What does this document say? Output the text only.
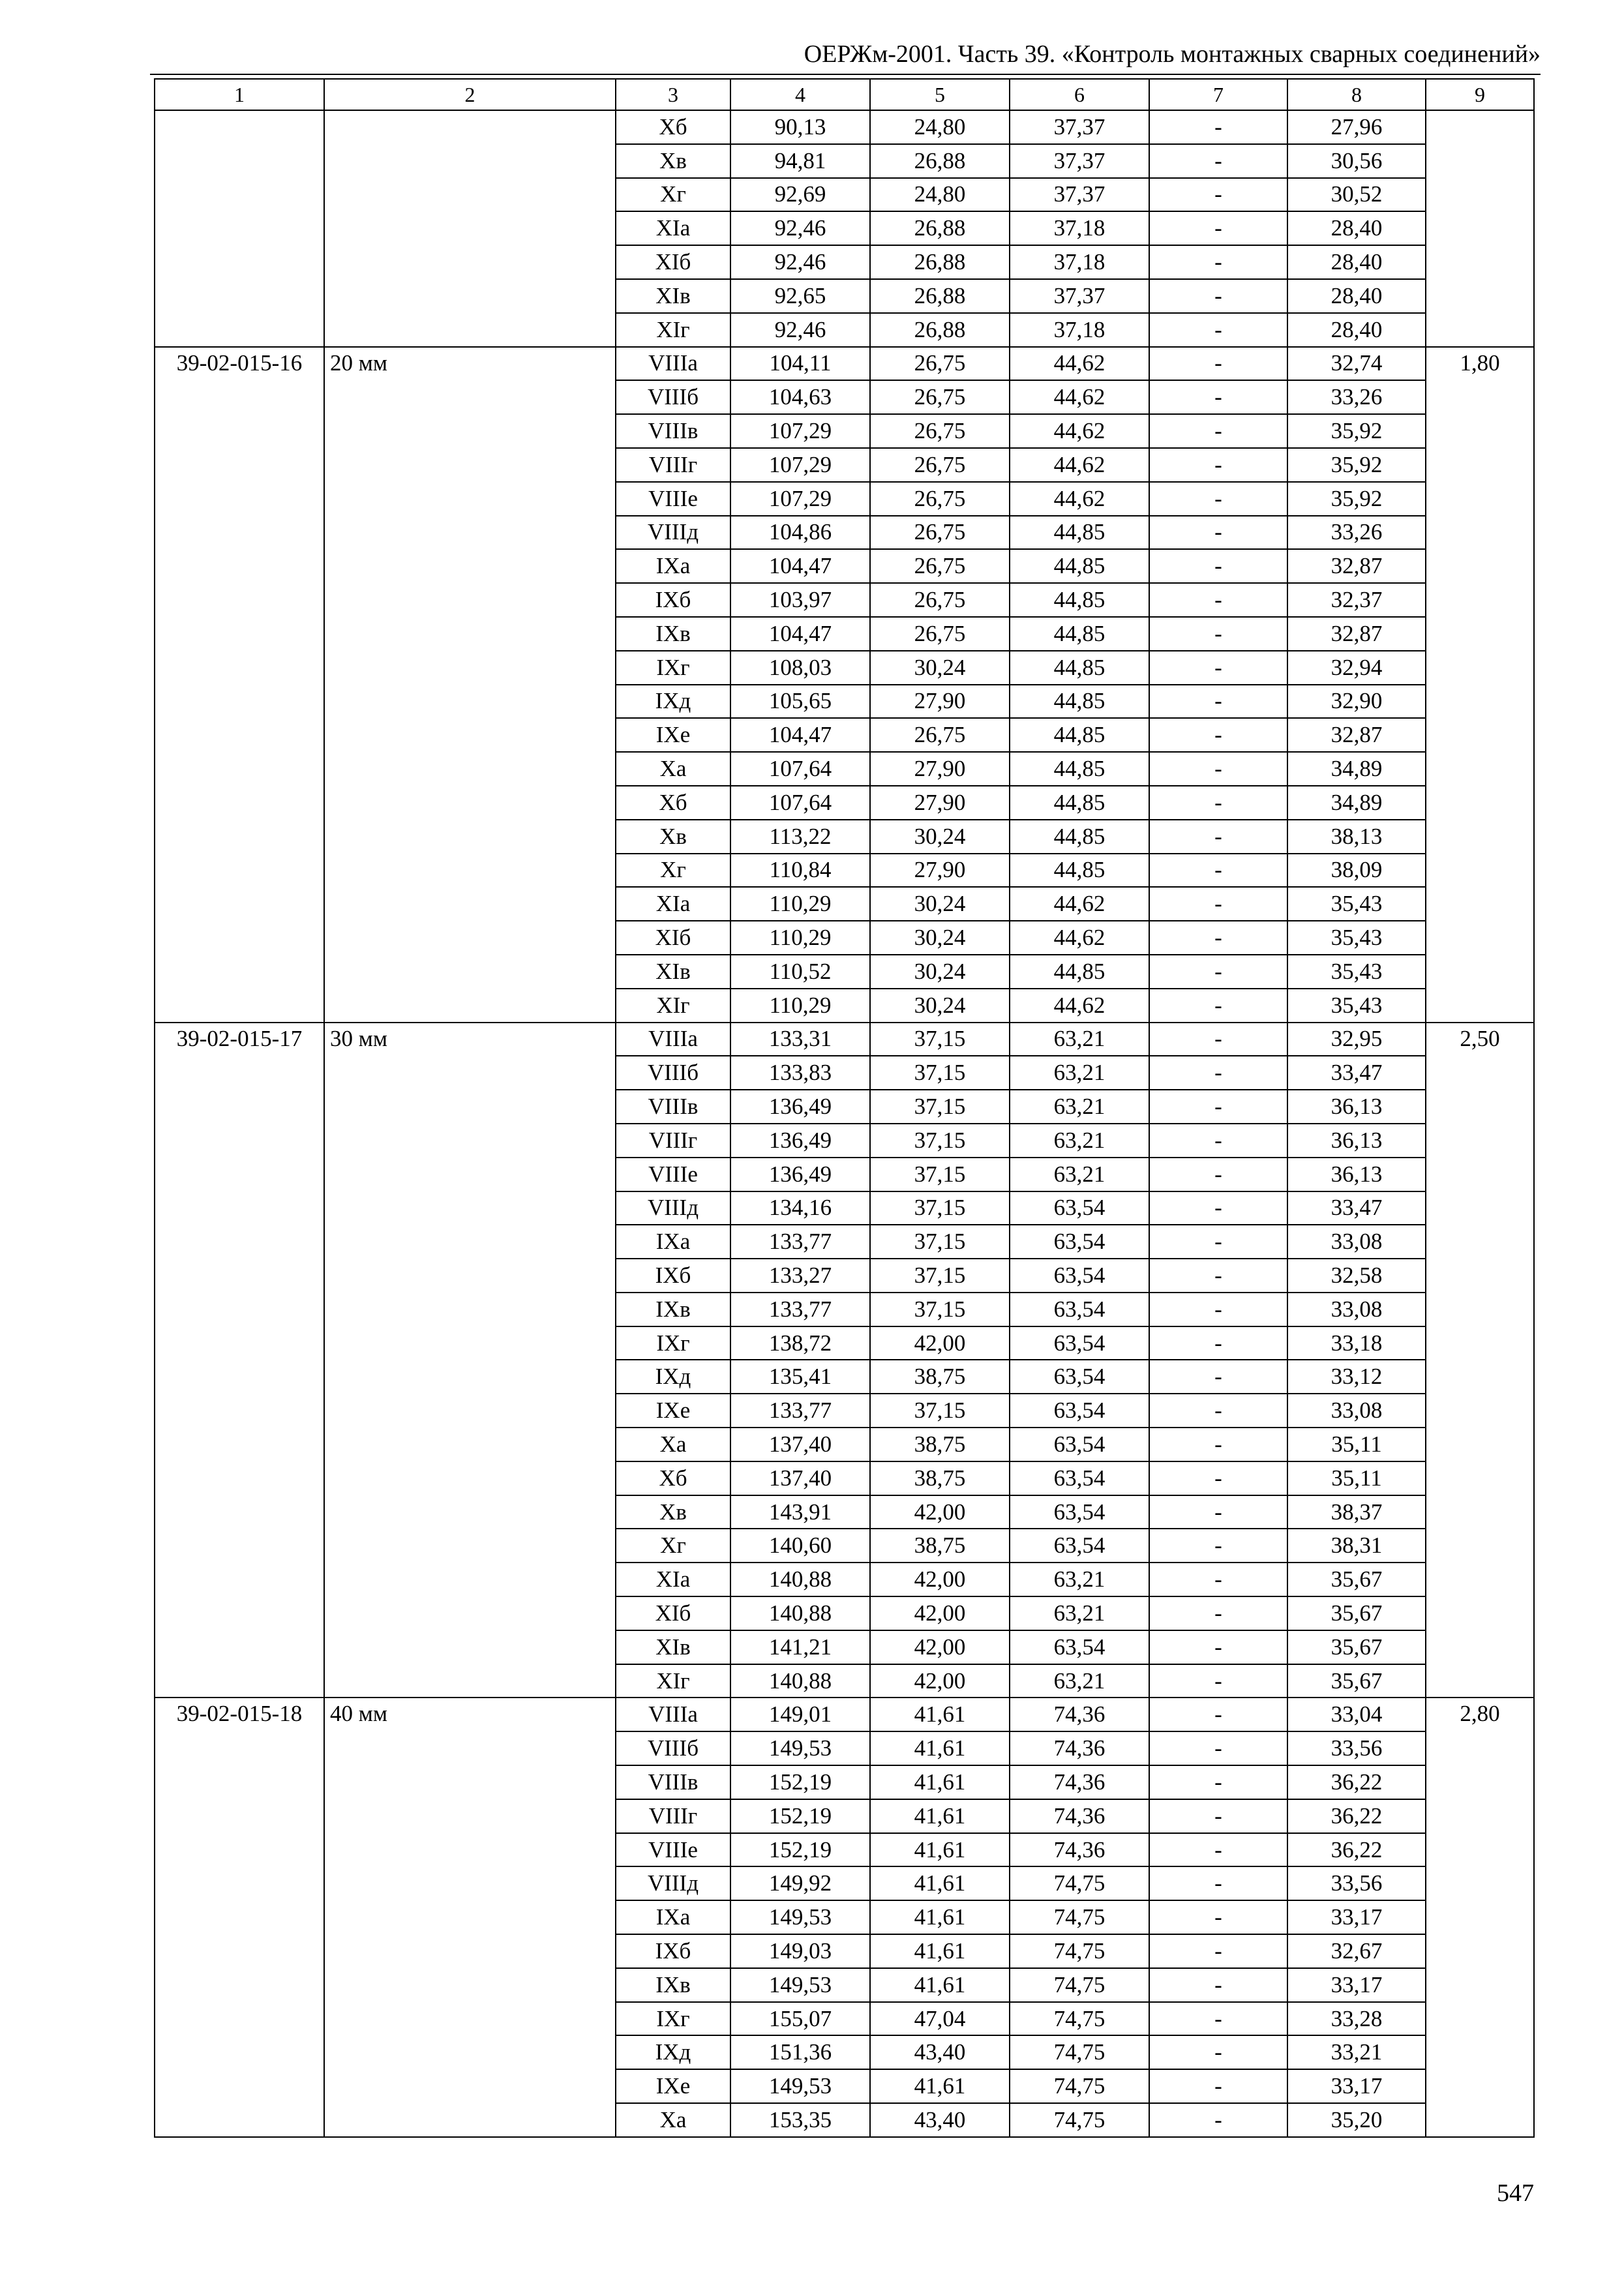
ОЕРЖм-2001. Часть 39. «Контроль монтажных сварных соединений»
1	2	3	4	5	6	7	8	9
		Xб	90,13	24,80	37,37	-	27,96	
		Xв	94,81	26,88	37,37	-	30,56	
		Xг	92,69	24,80	37,37	-	30,52	
		XIа	92,46	26,88	37,18	-	28,40	
		XIб	92,46	26,88	37,18	-	28,40	
		XIв	92,65	26,88	37,37	-	28,40	
		XIг	92,46	26,88	37,18	-	28,40	
39-02-015-16	20 мм	VIIIа	104,11	26,75	44,62	-	32,74	1,80
		VIIIб	104,63	26,75	44,62	-	33,26	
		VIIIв	107,29	26,75	44,62	-	35,92	
		VIIIг	107,29	26,75	44,62	-	35,92	
		VIIIе	107,29	26,75	44,62	-	35,92	
		VIIIд	104,86	26,75	44,85	-	33,26	
		IXа	104,47	26,75	44,85	-	32,87	
		IXб	103,97	26,75	44,85	-	32,37	
		IXв	104,47	26,75	44,85	-	32,87	
		IXг	108,03	30,24	44,85	-	32,94	
		IXд	105,65	27,90	44,85	-	32,90	
		IXе	104,47	26,75	44,85	-	32,87	
		Xа	107,64	27,90	44,85	-	34,89	
		Xб	107,64	27,90	44,85	-	34,89	
		Xв	113,22	30,24	44,85	-	38,13	
		Xг	110,84	27,90	44,85	-	38,09	
		XIа	110,29	30,24	44,62	-	35,43	
		XIб	110,29	30,24	44,62	-	35,43	
		XIв	110,52	30,24	44,85	-	35,43	
		XIг	110,29	30,24	44,62	-	35,43	
39-02-015-17	30 мм	VIIIа	133,31	37,15	63,21	-	32,95	2,50
		VIIIб	133,83	37,15	63,21	-	33,47	
		VIIIв	136,49	37,15	63,21	-	36,13	
		VIIIг	136,49	37,15	63,21	-	36,13	
		VIIIе	136,49	37,15	63,21	-	36,13	
		VIIIд	134,16	37,15	63,54	-	33,47	
		IXа	133,77	37,15	63,54	-	33,08	
		IXб	133,27	37,15	63,54	-	32,58	
		IXв	133,77	37,15	63,54	-	33,08	
		IXг	138,72	42,00	63,54	-	33,18	
		IXд	135,41	38,75	63,54	-	33,12	
		IXе	133,77	37,15	63,54	-	33,08	
		Xа	137,40	38,75	63,54	-	35,11	
		Xб	137,40	38,75	63,54	-	35,11	
		Xв	143,91	42,00	63,54	-	38,37	
		Xг	140,60	38,75	63,54	-	38,31	
		XIа	140,88	42,00	63,21	-	35,67	
		XIб	140,88	42,00	63,21	-	35,67	
		XIв	141,21	42,00	63,54	-	35,67	
		XIг	140,88	42,00	63,21	-	35,67	
39-02-015-18	40 мм	VIIIа	149,01	41,61	74,36	-	33,04	2,80
		VIIIб	149,53	41,61	74,36	-	33,56	
		VIIIв	152,19	41,61	74,36	-	36,22	
		VIIIг	152,19	41,61	74,36	-	36,22	
		VIIIе	152,19	41,61	74,36	-	36,22	
		VIIIд	149,92	41,61	74,75	-	33,56	
		IXа	149,53	41,61	74,75	-	33,17	
		IXб	149,03	41,61	74,75	-	32,67	
		IXв	149,53	41,61	74,75	-	33,17	
		IXг	155,07	47,04	74,75	-	33,28	
		IXд	151,36	43,40	74,75	-	33,21	
		IXе	149,53	41,61	74,75	-	33,17	
		Xа	153,35	43,40	74,75	-	35,20	
547
